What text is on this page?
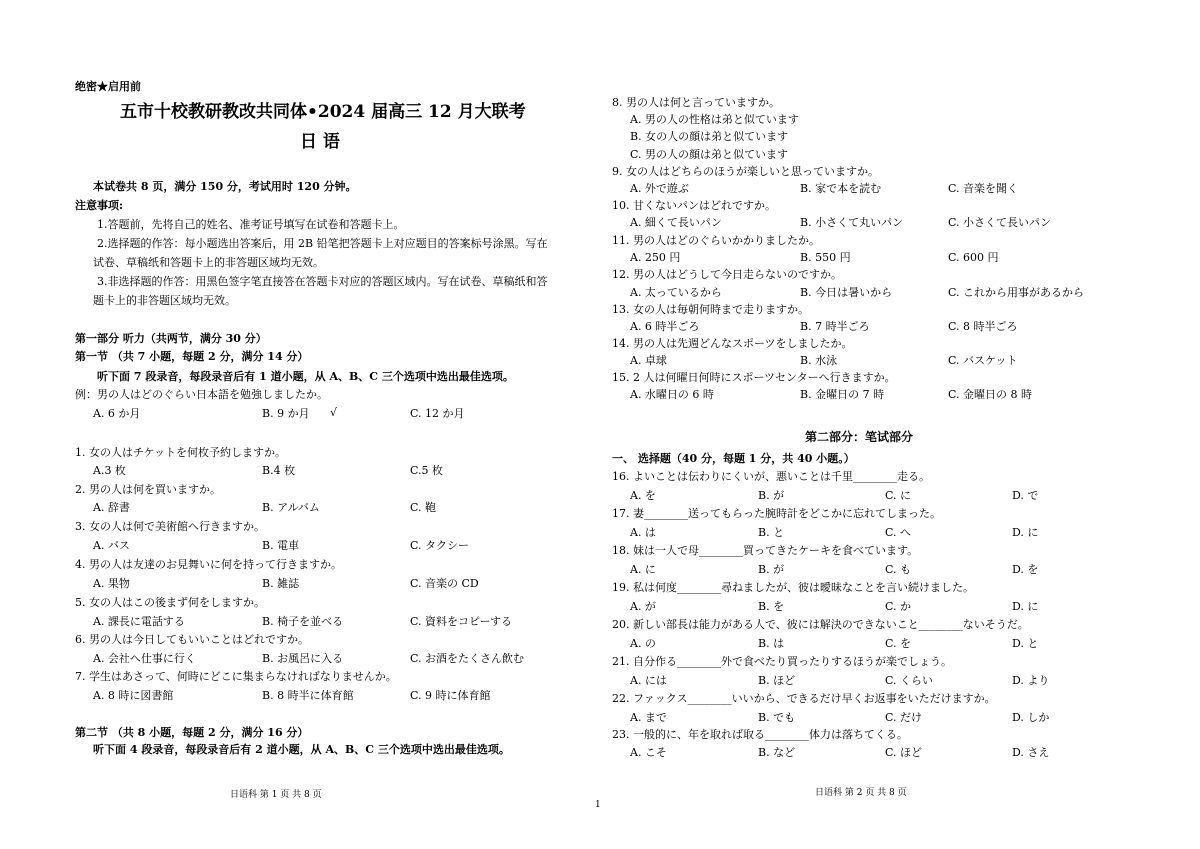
绝密★启用前
五市十校教研教改共同体•2024 届高三 12 月大联考
日 语
本试卷共 8 页，满分 150 分，考试用时 120 分钟。
注意事项:
1.答题前，先将自己的姓名、准考证号填写在试卷和答题卡上。
2.选择题的作答：每小题选出答案后，用 2B 铅笔把答题卡上对应题目的答案标号涂黑。写在
试卷、草稿纸和答题卡上的非答题区域均无效。
3.非选择题的作答：用黑色签字笔直接答在答题卡对应的答题区域内。写在试卷、草稿纸和答
题卡上的非答题区域均无效。
第一部分 听力（共两节，满分 30 分）
第一节 （共 7 小题，每题 2 分，满分 14 分）
听下面 7 段录音，每段录音后有 1 道小题，从 A、B、C 三个选项中选出最佳选项。
例：男の人はどのぐらい日本語を勉強しましたか。
A. 6 か月	B. 9 か月 √	C. 12 か月
1. 女の人はチケットを何枚予約しますか。
A.3 枚	B.4 枚	C.5 枚
2. 男の人は何を買いますか。
A. 辞書	B. アルバム	C. 鞄
3. 女の人は何で美術館へ行きますか。
A. バス	B. 電車	C. タクシー
4. 男の人は友達のお見舞いに何を持って行きますか。
A. 果物	B. 雑誌	C. 音楽の CD
5. 女の人はこの後まず何をしますか。
A. 課長に電話する	B. 椅子を並べる	C. 資料をコピーする
6. 男の人は今日してもいいことはどれですか。
A. 会社へ仕事に行く	B. お風呂に入る	C. お酒をたくさん飲む
7. 学生はあさって、何時にどこに集まらなければなりませんか。
A. 8 時に図書館	B. 8 時半に体育館	C. 9 時に体育館
第二节 （共 8 小题，每题 2 分，满分 16 分）
听下面 4 段录音，每段录音后有 2 道小题，从 A、B、C 三个选项中选出最佳选项。
8. 男の人は何と言っていますか。
A. 男の人の性格は弟と似ています
B. 女の人の顔は弟と似ています
C. 男の人の顔は弟と似ています
9. 女の人はどちらのほうが楽しいと思っていますか。
A. 外で遊ぶ	B. 家で本を読む	C. 音楽を聞く
10. 甘くないパンはどれですか。
A. 細くて長いパン	B. 小さくて丸いパン	C. 小さくて長いパン
11. 男の人はどのぐらいかかりましたか。
A. 250 円	B. 550 円	C. 600 円
12. 男の人はどうして今日走らないのですか。
A. 太っているから	B. 今日は暑いから	C. これから用事があるから
13. 女の人は毎朝何時まで走りますか。
A. 6 時半ごろ	B. 7 時半ごろ	C. 8 時半ごろ
14. 男の人は先週どんなスポーツをしましたか。
A. 卓球	B. 水泳	C. バスケット
15. 2 人は何曜日何時にスポーツセンターへ行きますか。
A. 水曜日の 6 時	B. 金曜日の 7 時	C. 金曜日の 8 時
第二部分：笔试部分
一、 选择题（40 分，每题 1 分，共 40 小题。）
16. よいことは伝わりにくいが、悪いことは千里________走る。
A. を	B. が	C. に	D. で
17. 妻________送ってもらった腕時計をどこかに忘れてしまった。
A. は	B. と	C. へ	D. に
18. 妹は一人で母________買ってきたケーキを食べています。
A. に	B. が	C. も	D. を
19. 私は何度________尋ねましたが、彼は曖昧なことを言い続けました。
A. が	B. を	C. か	D. に
20. 新しい部長は能力がある人で、彼には解決のできないこと________ないそうだ。
A. の	B. は	C. を	D. と
21. 自分作る________外で食べたり買ったりするほうが楽でしょう。
A. には	B. ほど	C. くらい	D. より
22. ファックス________いいから、できるだけ早くお返事をいただけますか。
A. まで	B. でも	C. だけ	D. しか
23. 一般的に、年を取れば取る________体力は落ちてくる。
A. こそ	B. など	C. ほど	D. さえ
日语科 第 1 页 共 8 页
1
日语科 第 2 页 共 8 页
